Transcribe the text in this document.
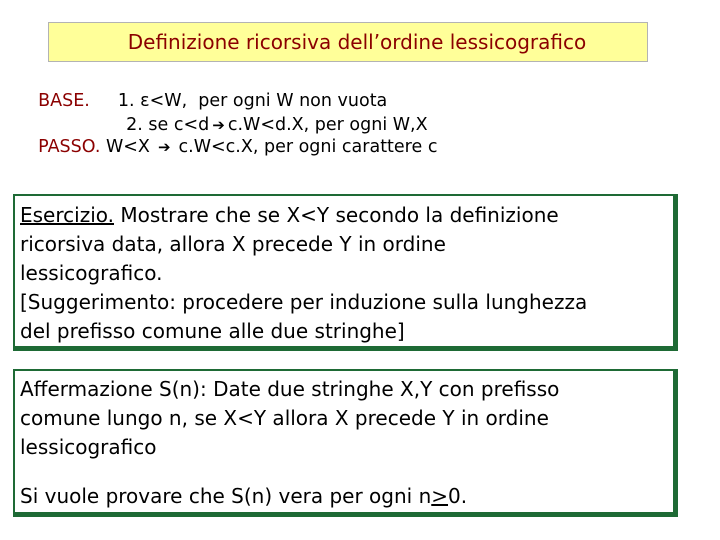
Definizione ricorsiva dell’ordine lessicografico

BASE. 1. ε<W,  per ogni W non vuota

2. se c<d ➔ c.W<d.X, per ogni W,X

PASSO. W<X ➔ c.W<c.X, per ogni carattere c

Esercizio. Mostrare che se X<Y secondo la definizione
ricorsiva data, allora X precede Y in ordine
lessicografico.
[Suggerimento: procedere per induzione sulla lunghezza
del prefisso comune alle due stringhe]
Affermazione S(n): Date due stringhe X,Y con prefisso
comune lungo n, se X<Y allora X precede Y in ordine
lessicografico
Si vuole provare che S(n) vera per ogni n≥0.
